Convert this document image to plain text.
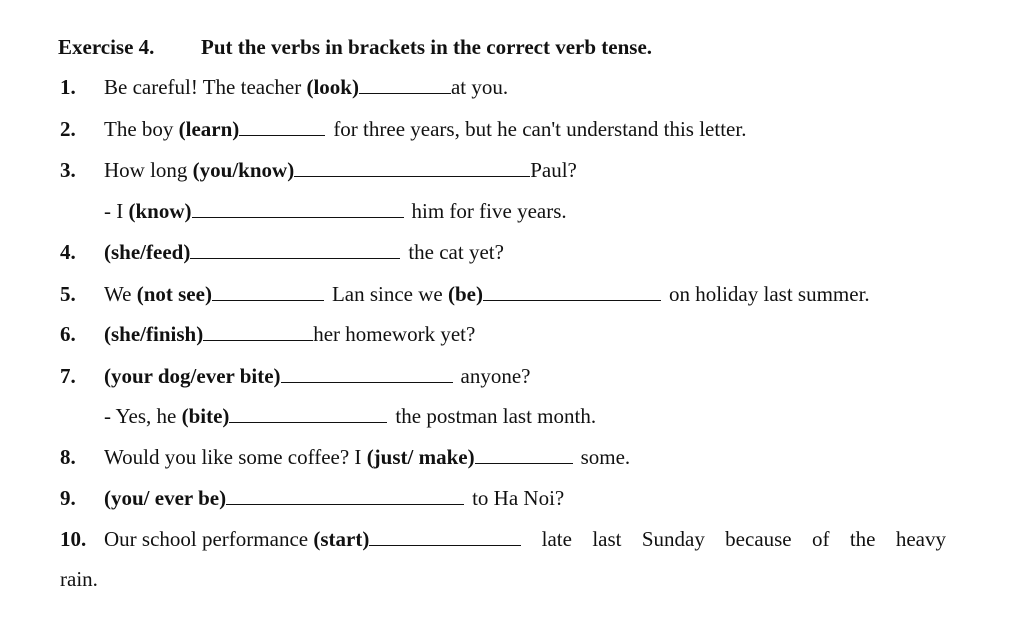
Exercise 4. Put the verbs in brackets in the correct verb tense.
1. Be careful! The teacher (look)	at you.
2. The boy (learn)	for three years, but he can't understand this letter.
3. How long (you/know)	Paul?
- I (know)	him for five years.
4. (she/feed)	the cat yet?
5. We (not see)	Lan since we (be)	on holiday last summer.
6. (she/finish)	her homework yet?
7. (your dog/ever bite)	anyone?
- Yes, he (bite)	the postman last month.
8. Would you like some coffee? I (just/ make)	some.
9. (you/ ever be)	to Ha Noi?
10. Our school performance (start)	late last Sunday because of the heavy
rain.
